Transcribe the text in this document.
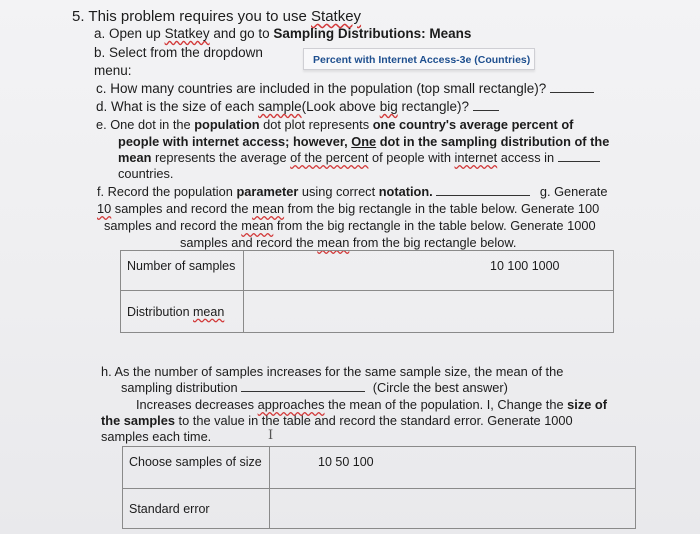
5. This problem requires you to use Statkey
a. Open up Statkey and go to Sampling Distributions: Means
b. Select from the dropdown
menu:
Percent with Internet Access-3e (Countries)
c. How many countries are included in the population (top small rectangle)?
d. What is the size of each sample(Look above big rectangle)?
e. One dot in the population dot plot represents one country's average percent of
people with internet access; however, One dot in the sampling distribution of the
mean represents the average of the percent of people with internet access in
countries.
f. Record the population parameter using correct notation.	g. Generate
10 samples and record the mean from the big rectangle in the table below. Generate 100
samples and record the mean from the big rectangle in the table below. Generate 1000
samples and record the mean from the big rectangle below.
Number of samples	10 100 1000
Distribution mean	
h. As the number of samples increases for the same sample size, the mean of the
sampling distribution	(Circle the best answer)
Increases decreases approaches the mean of the population. I, Change the size of
the samples to the value in the table and record the standard error. Generate 1000
samples each time.	I
Choose samples of size	10 50 100
Standard error	
